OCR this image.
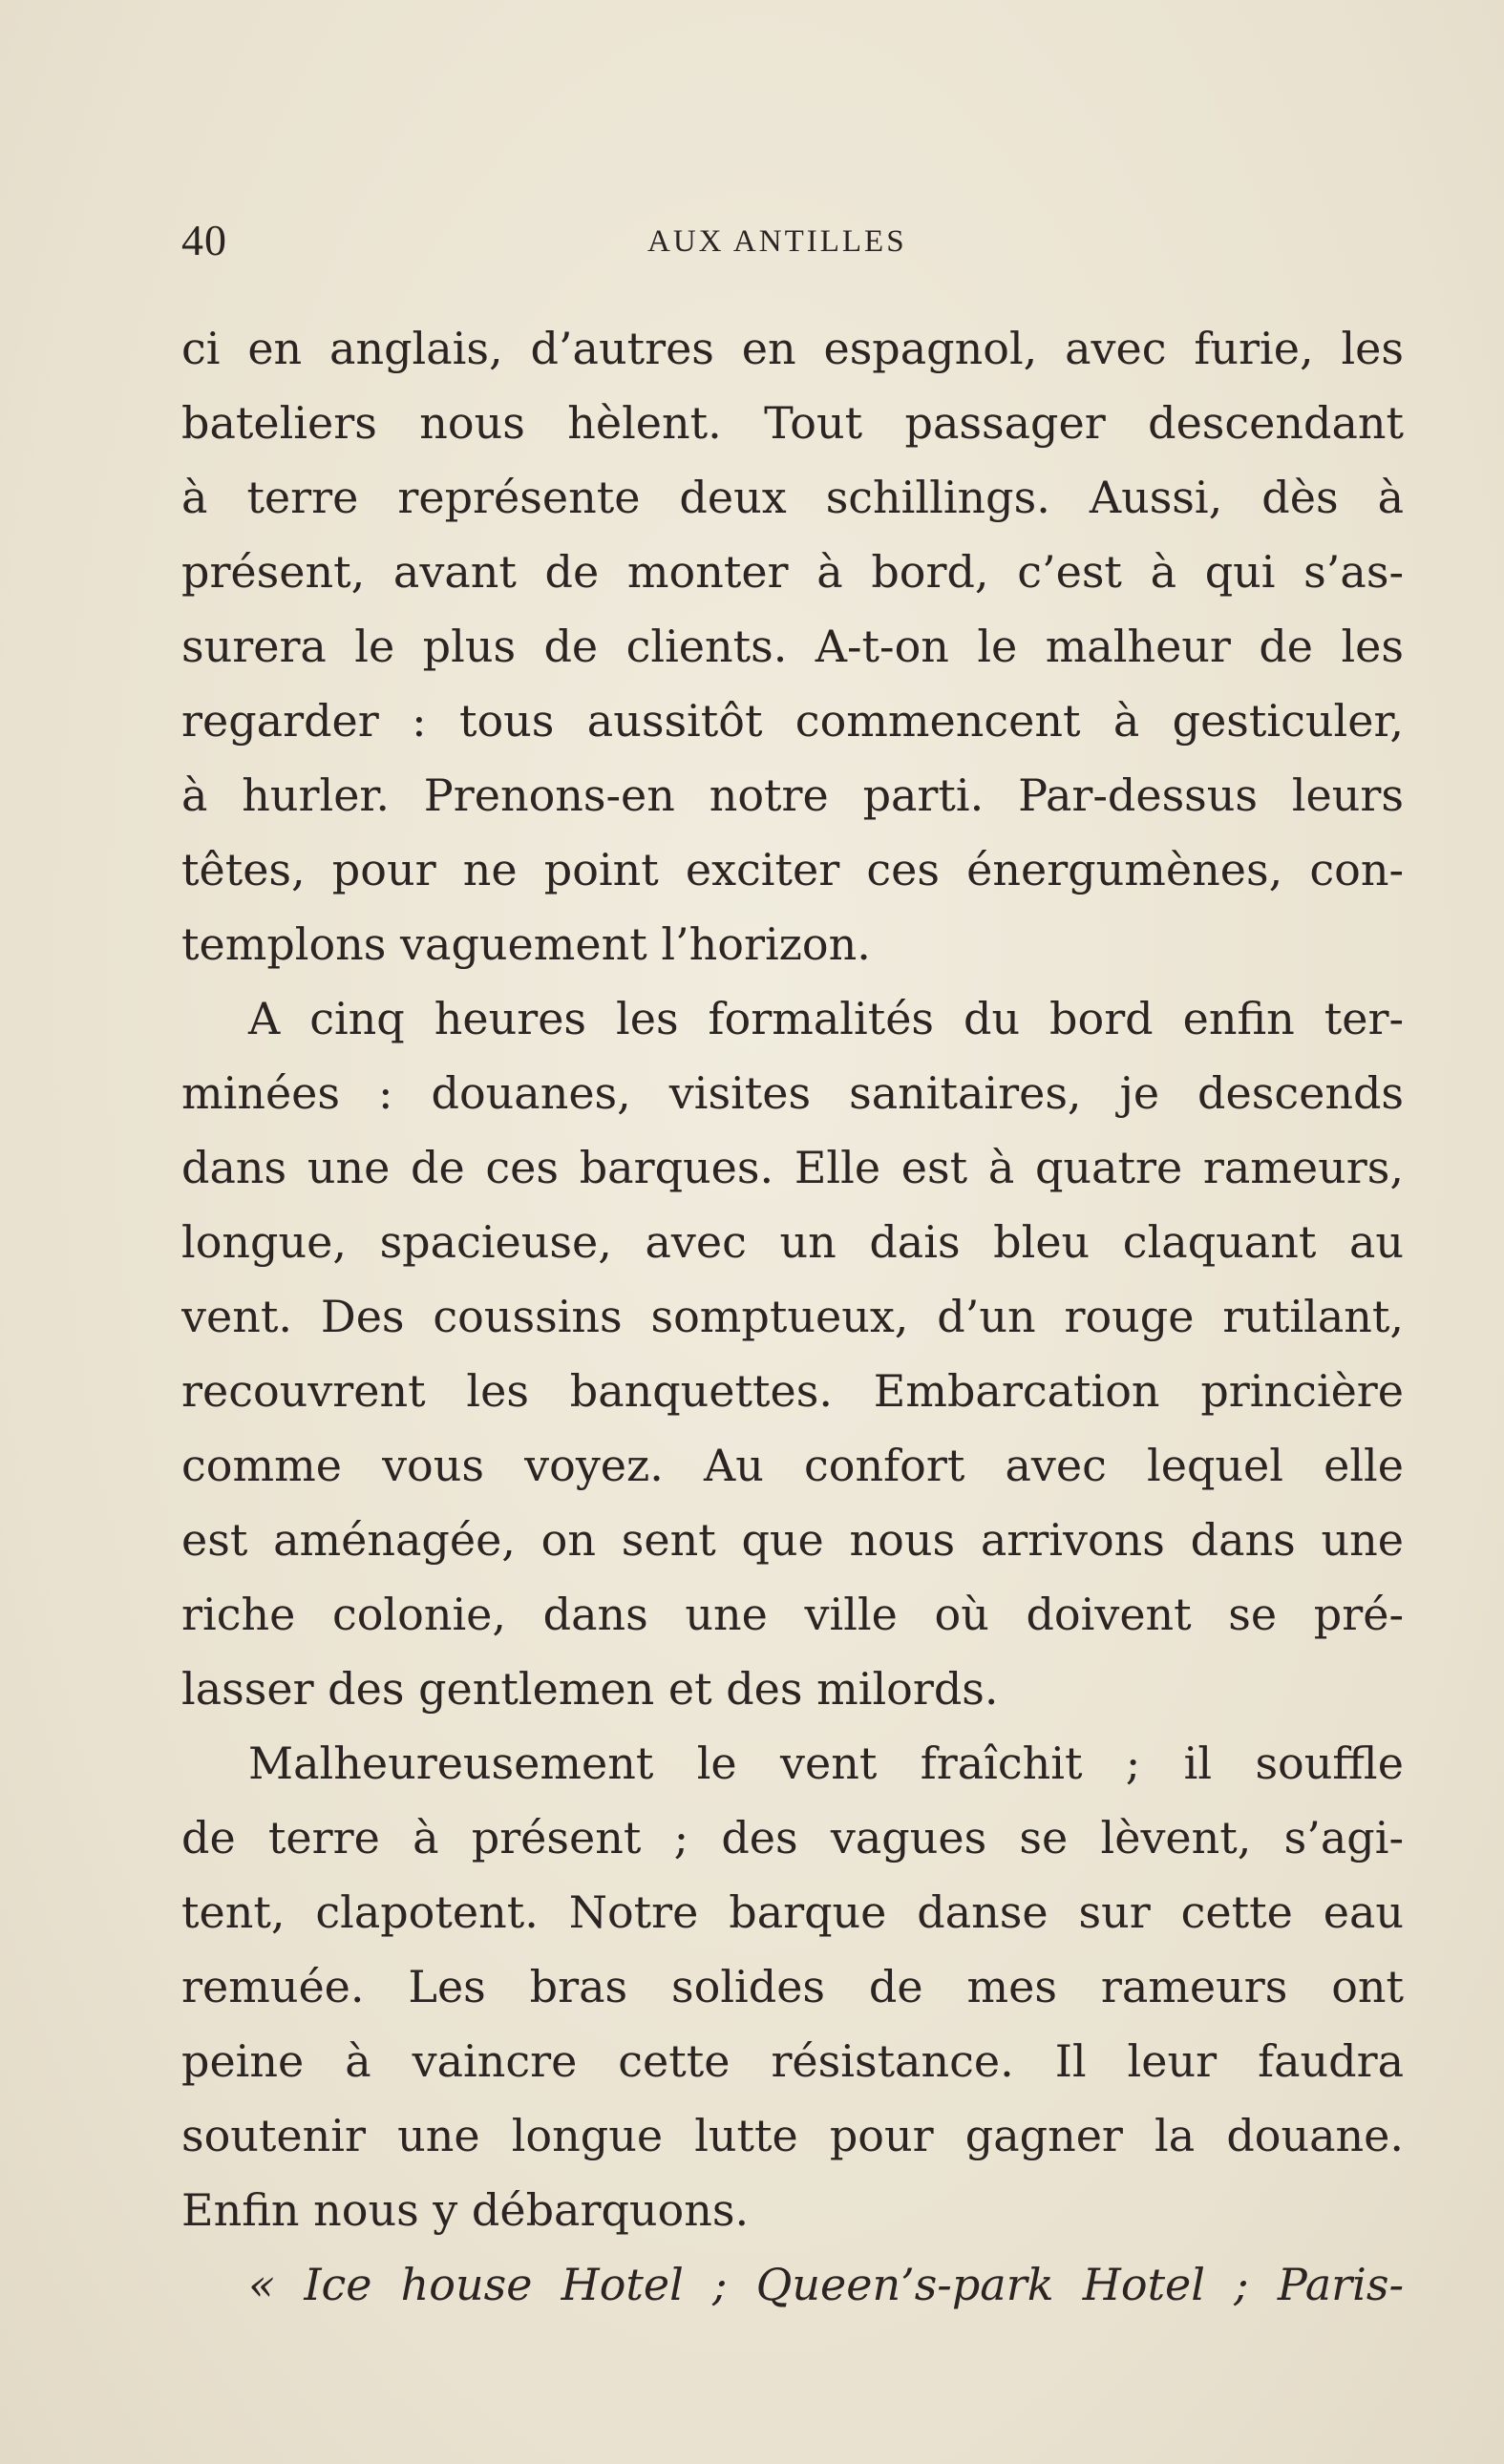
40	AUX ANTILLES
ci en anglais, d’autres en espagnol, avec furie, les
bateliers nous hèlent. Tout passager descendant
à terre représente deux schillings. Aussi, dès à
présent, avant de monter à bord, c’est à qui s’as-
surera le plus de clients. A-t-on le malheur de les
regarder : tous aussitôt commencent à gesticuler,
à hurler. Prenons-en notre parti. Par-dessus leurs
têtes, pour ne point exciter ces énergumènes, con-
templons vaguement l’horizon.
A cinq heures les formalités du bord enfin ter-
minées : douanes, visites sanitaires, je descends
dans une de ces barques. Elle est à quatre rameurs,
longue, spacieuse, avec un dais bleu claquant au
vent. Des coussins somptueux, d’un rouge rutilant,
recouvrent les banquettes. Embarcation princière
comme vous voyez. Au confort avec lequel elle
est aménagée, on sent que nous arrivons dans une
riche colonie, dans une ville où doivent se pré-
lasser des gentlemen et des milords.
Malheureusement le vent fraîchit ; il souffle
de terre à présent ; des vagues se lèvent, s’agi-
tent, clapotent. Notre barque danse sur cette eau
remuée. Les bras solides de mes rameurs ont
peine à vaincre cette résistance. Il leur faudra
soutenir une longue lutte pour gagner la douane.
Enfin nous y débarquons.
« Ice house Hotel ; Queen’s-park Hotel ; Paris-
